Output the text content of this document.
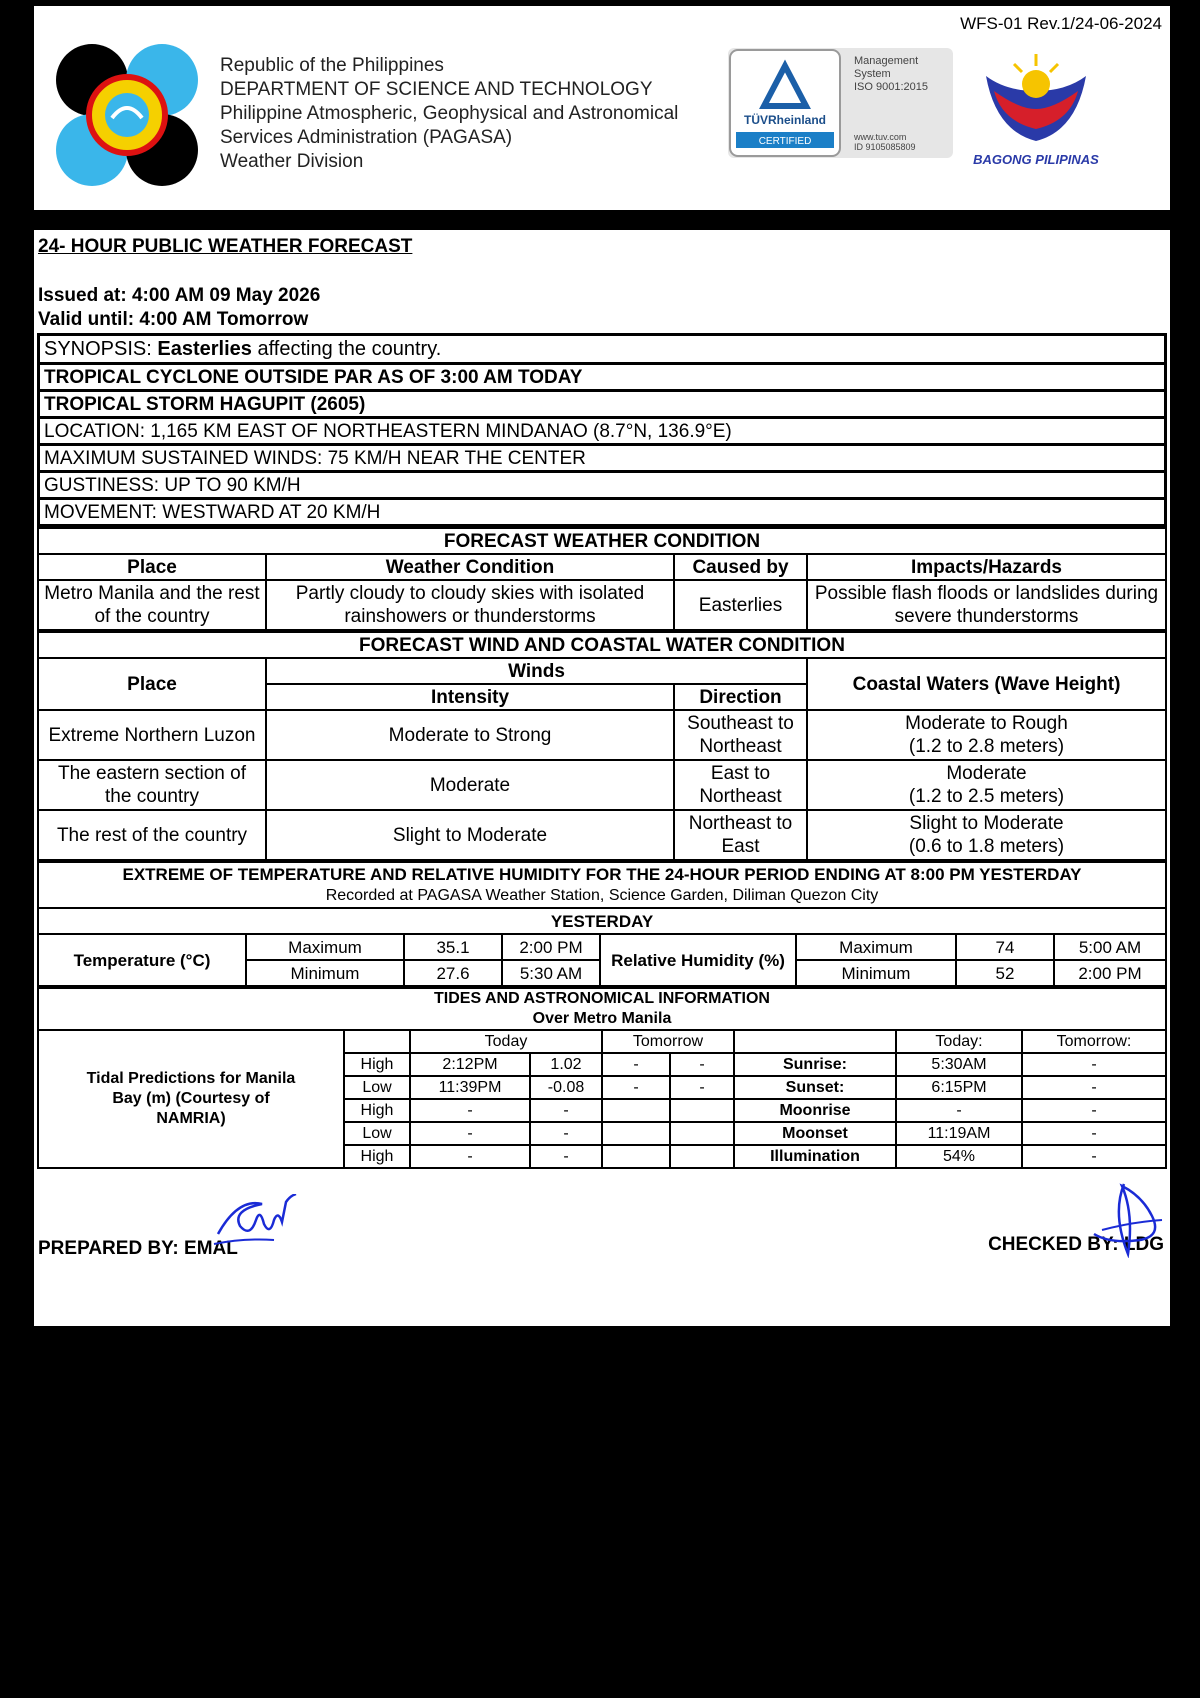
WFS-01 Rev.1/24-06-2024
Republic of the Philippines
DEPARTMENT OF SCIENCE AND TECHNOLOGY
Philippine Atmospheric, Geophysical and Astronomical
Services Administration (PAGASA)
Weather Division
TÜVRheinland
CERTIFIED
Management
System
ISO 9001:2015
www.tuv.com
ID 9105085809
BAGONG PILIPINAS
24- HOUR PUBLIC WEATHER FORECAST
Issued at: 4:00 AM 09 May 2026
Valid until: 4:00 AM Tomorrow
SYNOPSIS: Easterlies affecting the country.
TROPICAL CYCLONE OUTSIDE PAR AS OF 3:00 AM TODAY
TROPICAL STORM HAGUPIT (2605)
LOCATION: 1,165 KM EAST OF NORTHEASTERN MINDANAO (8.7°N, 136.9°E)
MAXIMUM SUSTAINED WINDS: 75 KM/H NEAR THE CENTER
GUSTINESS: UP TO 90 KM/H
MOVEMENT: WESTWARD AT 20 KM/H
FORECAST WEATHER CONDITION			
Place	Weather Condition	Caused by	Impacts/Hazards
Metro Manila and the rest of the country	Partly cloudy to cloudy skies with isolated rainshowers or thunderstorms	Easterlies	Possible flash floods or landslides during severe thunderstorms
FORECAST WIND AND COASTAL WATER CONDITION			
Place	Winds		Coastal Waters (Wave Height)
	Intensity	Direction	
Extreme Northern Luzon	Moderate to Strong	Southeast to Northeast	Moderate to Rough
(1.2 to 2.8 meters)

The eastern section of the country	Moderate	East to Northeast	Moderate
(1.2 to 2.5 meters)

The rest of the country	Slight to Moderate	Northeast to East	Slight to Moderate
(0.6 to 1.8 meters)
EXTREME OF TEMPERATURE AND RELATIVE HUMIDITY FOR THE 24-HOUR PERIOD ENDING AT 8:00 PM YESTERDAY
Recorded at PAGASA Weather Station, Science Garden, Diliman Quezon City							

YESTERDAY							
Temperature (°C)	Maximum	35.1	2:00 PM	Relative Humidity (%)	Maximum	74	5:00 AM
	Minimum	27.6	5:30 AM		Minimum	52	2:00 PM
TIDES AND ASTRONOMICAL INFORMATION
Over Metro Manila								

Tidal Predictions for Manila Bay (m) (Courtesy of NAMRIA)		Today		Tomorrow			Today:	Tomorrow:
	High	2:12PM	1.02	-	-	Sunrise:	5:30AM	-
	Low	11:39PM	-0.08	-	-	Sunset:	6:15PM	-
	High	-	-			Moonrise	-	-
	Low	-	-			Moonset	11:19AM	-
	High	-	-			Illumination	54%	-
PREPARED BY: EMAL	CHECKED BY: LDG
